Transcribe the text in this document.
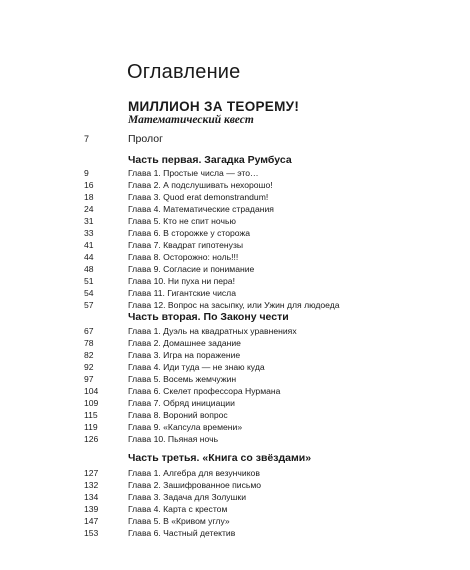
Оглавление
МИЛЛИОН ЗА ТЕОРЕМУ!
Математический квест
7	Пролог
Часть первая. Загадка Румбуса
9	Глава 1. Простые числа — это…
16	Глава 2. А подслушивать нехорошо!
18	Глава 3. Quod erat demonstrandum!
24	Глава 4. Математические страдания
31	Глава 5. Кто не спит ночью
33	Глава 6. В сторожке у сторожа
41	Глава 7. Квадрат гипотенузы
44	Глава 8. Осторожно: ноль!!!
48	Глава 9. Согласие и понимание
51	Глава 10. Ни пуха ни пера!
54	Глава 11. Гигантские числа
57	Глава 12. Вопрос на засыпку, или Ужин для людоеда
Часть вторая. По Закону чести
67	Глава 1. Дуэль на квадратных уравнениях
78	Глава 2. Домашнее задание
82	Глава 3. Игра на поражение
92	Глава 4. Иди туда — не знаю куда
97	Глава 5. Восемь жемчужин
104	Глава 6. Скелет профессора Нурмана
109	Глава 7. Обряд инициации
115	Глава 8. Вороний вопрос
119	Глава 9. «Капсула времени»
126	Глава 10. Пьяная ночь
Часть третья. «Книга со звёздами»
127	Глава 1. Алгебра для везунчиков
132	Глава 2. Зашифрованное письмо
134	Глава 3. Задача для Золушки
139	Глава 4. Карта с крестом
147	Глава 5. В «Кривом углу»
153	Глава 6. Частный детектив
